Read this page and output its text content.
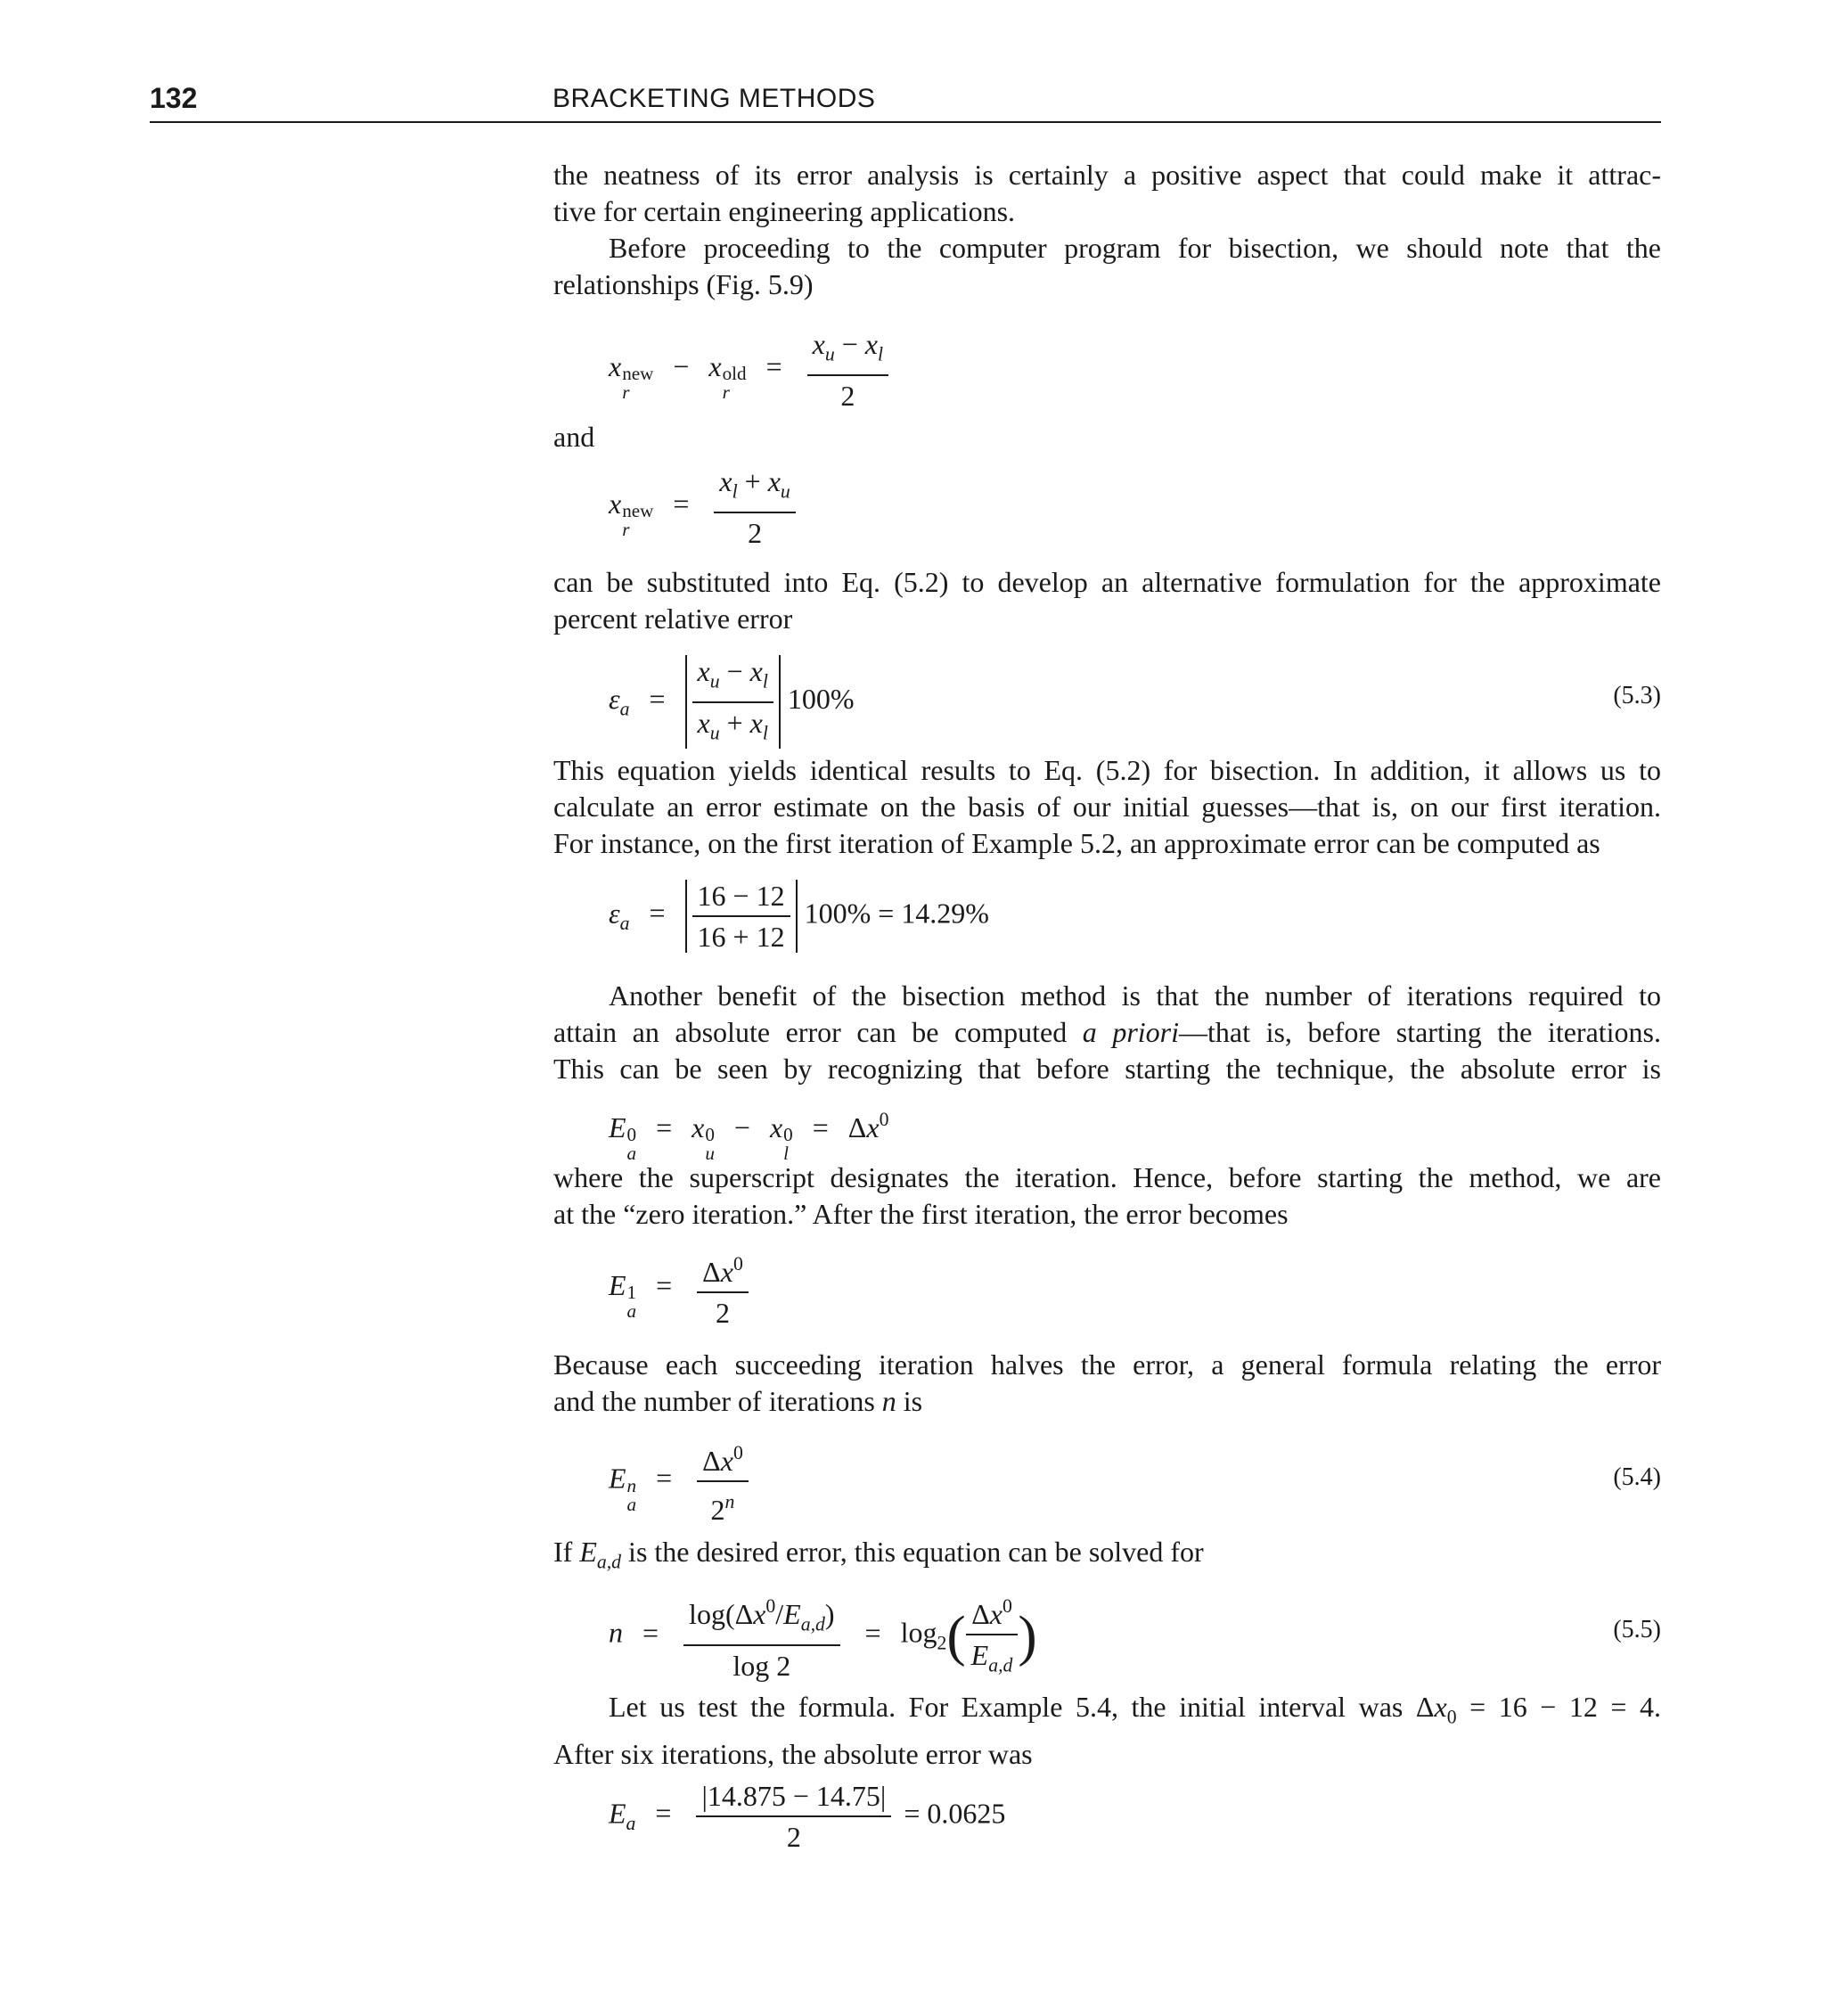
132	BRACKETING METHODS
the neatness of its error analysis is certainly a positive aspect that could make it attrac-
tive for certain engineering applications.
Before proceeding to the computer program for bisection, we should note that the
relationships (Fig. 5.9)
x new
r
− x old
r
= $\frac{x_u - x_l}{2}$
and
x new
r
= $\frac{x_l + x_u}{2}$
can be substituted into Eq. (5.2) to develop an alternative formulation for the approximate
percent relative error
$\varepsilon_a = \frac{x_u - x_l}{x_u + x_l} 100\%$	(5.3)
This equation yields identical results to Eq. (5.2) for bisection. In addition, it allows us to
calculate an error estimate on the basis of our initial guesses—that is, on our first iteration.
For instance, on the first iteration of Example 5.2, an approximate error can be computed as
$\varepsilon_a = \frac{16 - 12}{16 + 12} 100\% = 14.29\%$
Another benefit of the bisection method is that the number of iterations required to
attain an absolute error can be computed a priori—that is, before starting the iterations.
This can be seen by recognizing that before starting the technique, the absolute error is
E 0
a
= x 0
u
− x 0
l
= $\Delta x^0$
where the superscript designates the iteration. Hence, before starting the method, we are
at the “zero iteration.” After the first iteration, the error becomes
E 1
a
= $\frac{\Delta x^0}{2}$
Because each succeeding iteration halves the error, a general formula relating the error
and the number of iterations n is
E n
a
= $\frac{\Delta x^0}{2^n}$	(5.4)
If $E_{a,d}$ is the desired error, this equation can be solved for
$n = \frac{\log(\Delta x^0/E_{a,d})}{\log 2} = \log_2( \frac{\Delta x^0}{E_{a,d}}$ )	(5.5)
Let us test the formula. For Example 5.4, the initial interval was $\Delta x_0 = 16 - 12 = 4$.
After six iterations, the absolute error was
$E_a = \frac{|14.875 - 14.75|}{2} = 0.0625$
